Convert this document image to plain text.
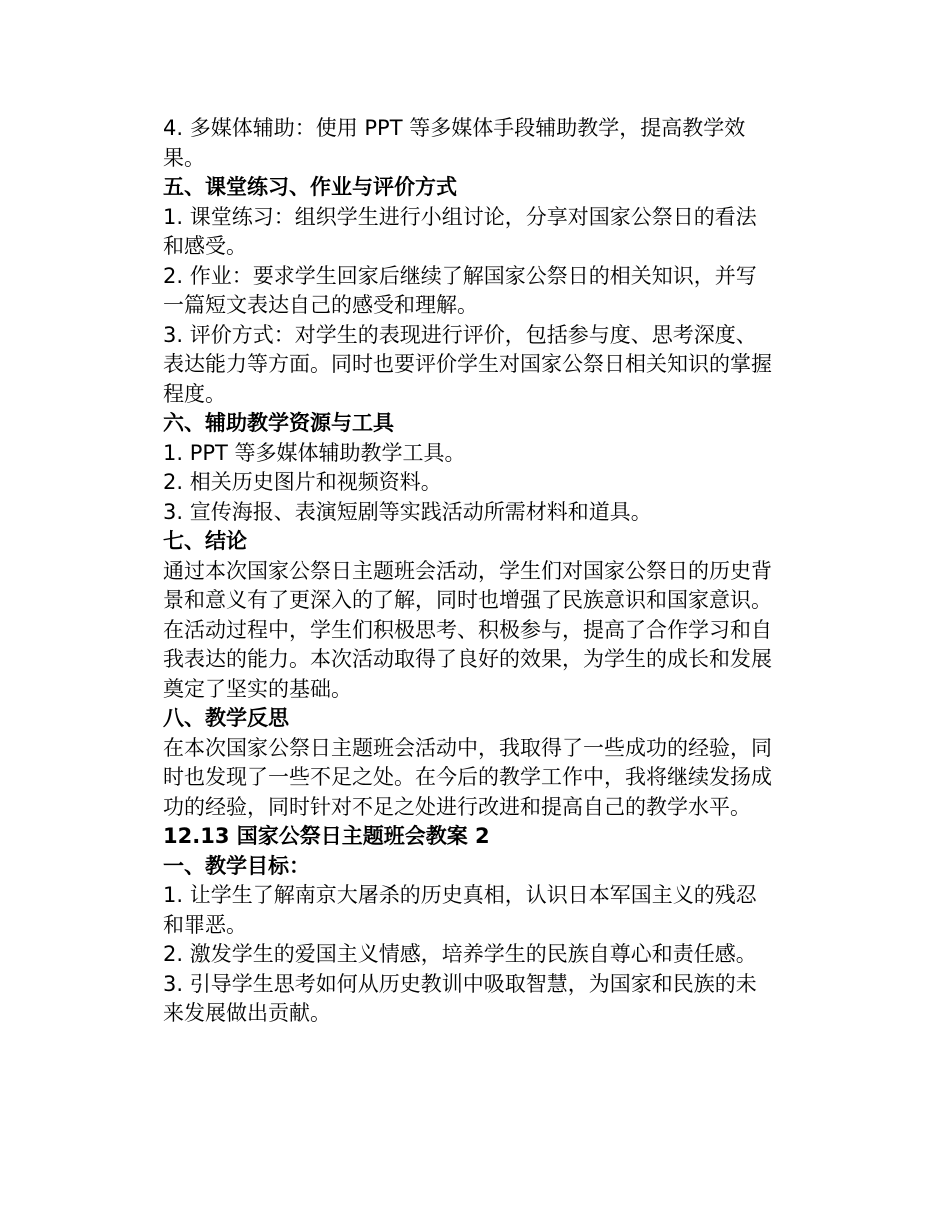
4. 多媒体辅助：使用 PPT 等多媒体手段辅助教学，提高教学效果。

五、课堂练习、作业与评价方式

1. 课堂练习：组织学生进行小组讨论，分享对国家公祭日的看法和感受。

2. 作业：要求学生回家后继续了解国家公祭日的相关知识，并写一篇短文表达自己的感受和理解。

3. 评价方式：对学生的表现进行评价，包括参与度、思考深度、表达能力等方面。同时也要评价学生对国家公祭日相关知识的掌握程度。

六、辅助教学资源与工具

1. PPT 等多媒体辅助教学工具。

2. 相关历史图片和视频资料。

3. 宣传海报、表演短剧等实践活动所需材料和道具。

七、结论

通过本次国家公祭日主题班会活动，学生们对国家公祭日的历史背景和意义有了更深入的了解，同时也增强了民族意识和国家意识。在活动过程中，学生们积极思考、积极参与，提高了合作学习和自我表达的能力。本次活动取得了良好的效果，为学生的成长和发展奠定了坚实的基础。

八、教学反思

在本次国家公祭日主题班会活动中，我取得了一些成功的经验，同时也发现了一些不足之处。在今后的教学工作中，我将继续发扬成功的经验，同时针对不足之处进行改进和提高自己的教学水平。

12.13 国家公祭日主题班会教案 2
一、教学目标：

1. 让学生了解南京大屠杀的历史真相，认识日本军国主义的残忍和罪恶。

2. 激发学生的爱国主义情感，培养学生的民族自尊心和责任感。

3. 引导学生思考如何从历史教训中吸取智慧，为国家和民族的未来发展做出贡献。
